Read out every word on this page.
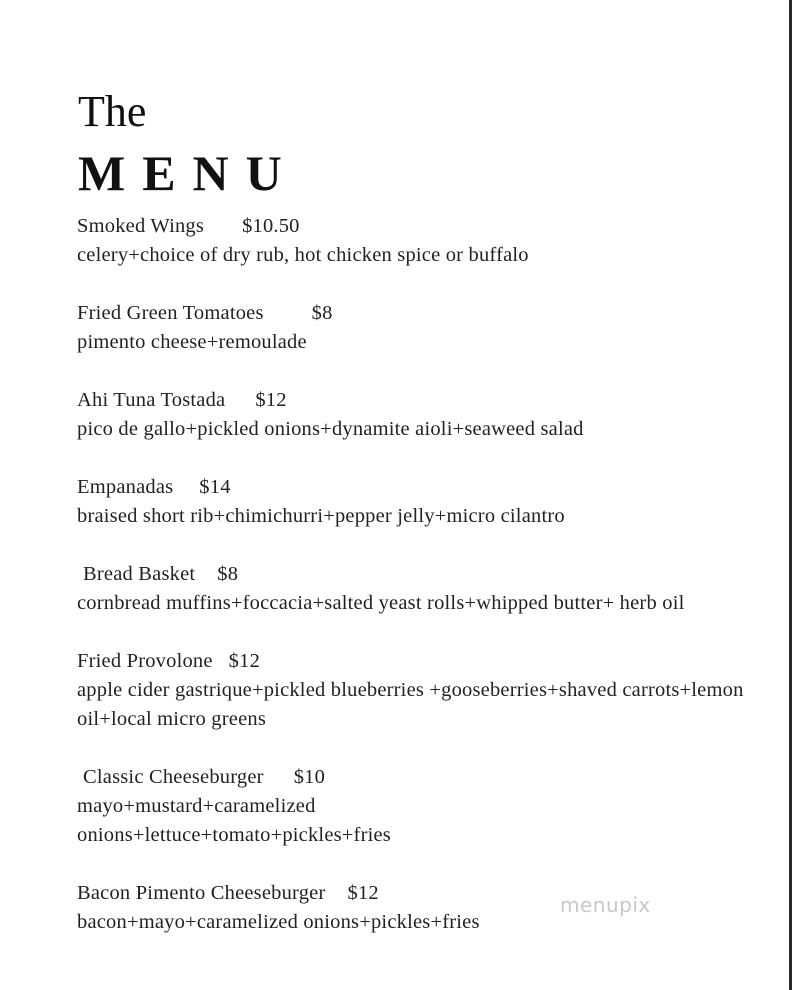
The
MENU
Smoked Wings $10.50
celery+choice of dry rub, hot chicken spice or buffalo
Fried Green Tomatoes $8
pimento cheese+remoulade
Ahi Tuna Tostada $12
pico de gallo+pickled onions+dynamite aioli+seaweed salad
Empanadas $14
braised short rib+chimichurri+pepper jelly+micro cilantro
Bread Basket $8
cornbread muffins+foccacia+salted yeast rolls+whipped butter+ herb oil
Fried Provolone $12
apple cider gastrique+pickled blueberries +gooseberries+shaved carrots+lemon oil+local micro greens
Classic Cheeseburger $10
mayo+mustard+caramelized onions+lettuce+tomato+pickles+fries
Bacon Pimento Cheeseburger $12
bacon+mayo+caramelized onions+pickles+fries
menupix
